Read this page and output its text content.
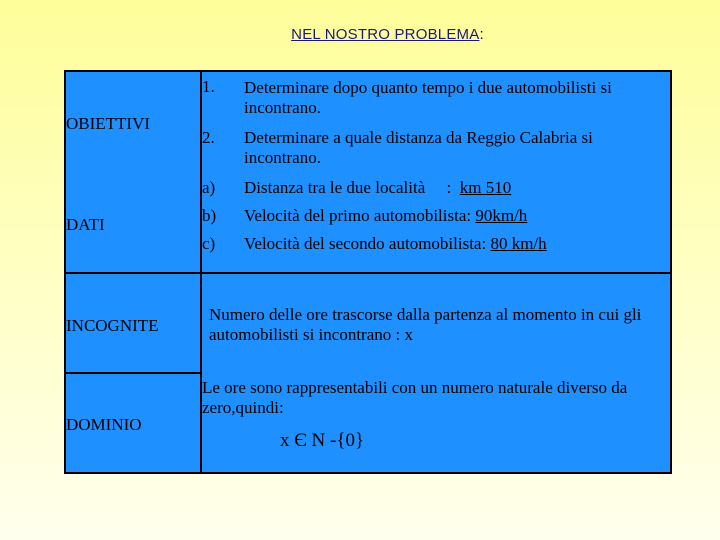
NEL NOSTRO PROBLEMA:
OBIETTIVI
DATI
INCOGNITE
DOMINIO
1. Determinare dopo quanto tempo i due automobilisti si incontrano.
2. Determinare a quale distanza da Reggio Calabria si incontrano.
a) Distanza tra le due località     :  km 510
b) Velocità del primo automobilista: 90km/h
c) Velocità del secondo automobilista: 80 km/h
Numero delle ore trascorse dalla partenza al momento in cui gli automobilisti si incontrano : x
Le ore sono rappresentabili con un numero naturale diverso da zero,quindi:
x Є N -{0}
